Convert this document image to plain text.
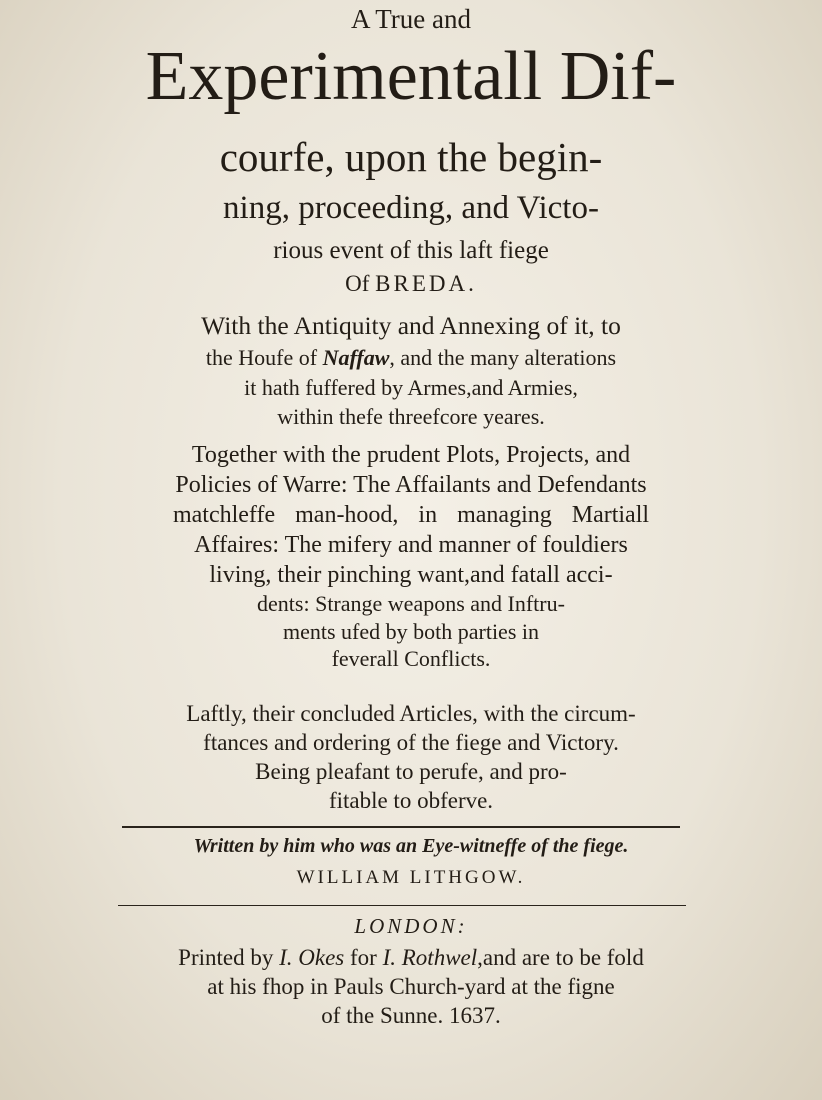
A True and

Experimentall Dif-

courfe, upon the begin-

ning, proceeding, and Victo-

rious event of this laft fiege

Of BREDA.

With the Antiquity and Annexing of it, to

the Houfe of Naffaw, and the many alterations

it hath fuffered by Armes,and Armies,

within thefe threefcore yeares.

Together with the prudent Plots, Projects, and

Policies of Warre: The Affailants and Defendants

matchleffe man-hood, in managing Martiall

Affaires: The mifery and manner of fouldiers

living, their pinching want,and fatall acci-

dents: Strange weapons and Inftru-

ments ufed by both parties in

feverall Conflicts.

Laftly, their concluded Articles, with the circum-

ftances and ordering of the fiege and Victory.

Being pleafant to perufe, and pro-

fitable to obferve.

Written by him who was an Eye-witneffe of the fiege.

WILLIAM LITHGOW.

LONDON:

Printed by I. Okes for I. Rothwel,and are to be fold

at his fhop in Pauls Church-yard at the figne

of the Sunne. 1637.
